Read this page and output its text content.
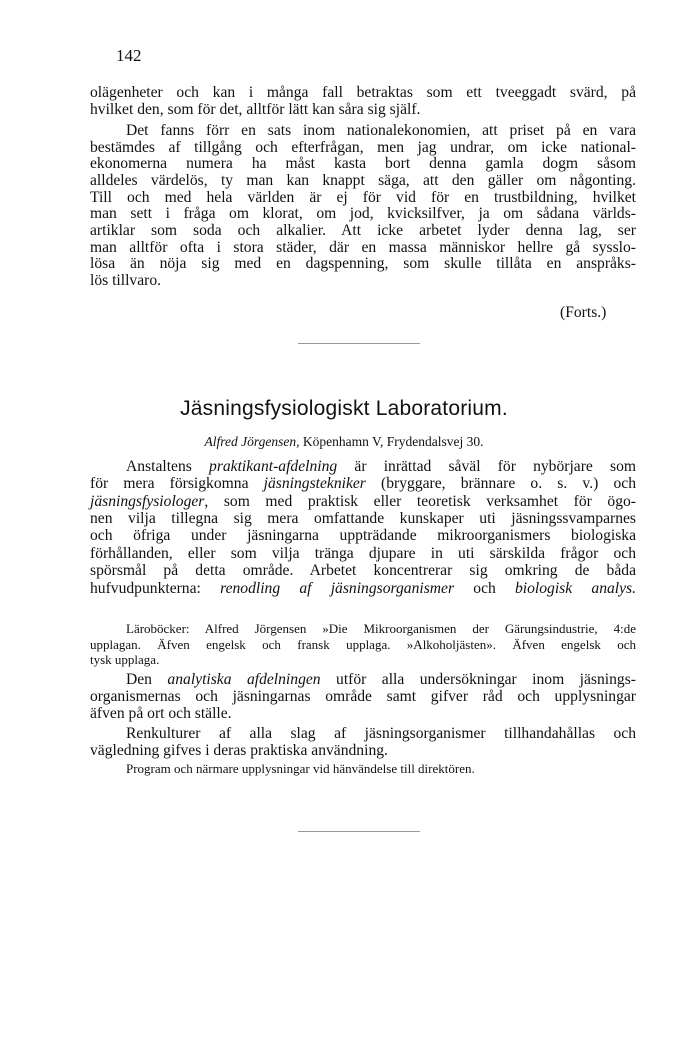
142
olägenheter och kan i många fall betraktas som ett tveeggadt svärd, på
hvilket den, som för det, alltför lätt kan såra sig själf.
Det fanns förr en sats inom nationalekonomien, att priset på en vara
bestämdes af tillgång och efterfrågan, men jag undrar, om icke national-
ekonomerna numera ha måst kasta bort denna gamla dogm såsom
alldeles värdelös, ty man kan knappt säga, att den gäller om någonting.
Till och med hela världen är ej för vid för en trustbildning, hvilket
man sett i fråga om klorat, om jod, kvicksilfver, ja om sådana världs-
artiklar som soda och alkalier. Att icke arbetet lyder denna lag, ser
man alltför ofta i stora städer, där en massa människor hellre gå sysslo-
lösa än nöja sig med en dagspenning, som skulle tillåta en anspråks-
lös tillvaro.
Anstaltens praktikant-afdelning är inrättad såväl för nybörjare som
för mera försigkomna jäsningstekniker (bryggare, brännare o. s. v.) och
jäsningsfysiologer, som med praktisk eller teoretisk verksamhet för ögo-
nen vilja tillegna sig mera omfattande kunskaper uti jäsningssvamparnes
och öfriga under jäsningarna uppträdande mikroorganismers biologiska
förhållanden, eller som vilja tränga djupare in uti särskilda frågor och
spörsmål på detta område. Arbetet koncentrerar sig omkring de båda
hufvudpunkterna: renodling af jäsningsorganismer och biologisk analys.
Läroböcker: Alfred Jörgensen »Die Mikroorganismen der Gärungsindustrie, 4:de
upplagan. Äfven engelsk och fransk upplaga. »Alkoholjästen». Äfven engelsk och
tysk upplaga.
Den analytiska afdelningen utför alla undersökningar inom jäsnings-
organismernas och jäsningarnas område samt gifver råd och upplysningar
äfven på ort och ställe.
Renkulturer af alla slag af jäsningsorganismer tillhandahållas och
vägledning gifves i deras praktiska användning.
Program och närmare upplysningar vid hänvändelse till direktören.
(Forts.)
Jäsningsfysiologiskt Laboratorium.
Alfred Jörgensen, Köpenhamn V, Frydendalsvej 30.
